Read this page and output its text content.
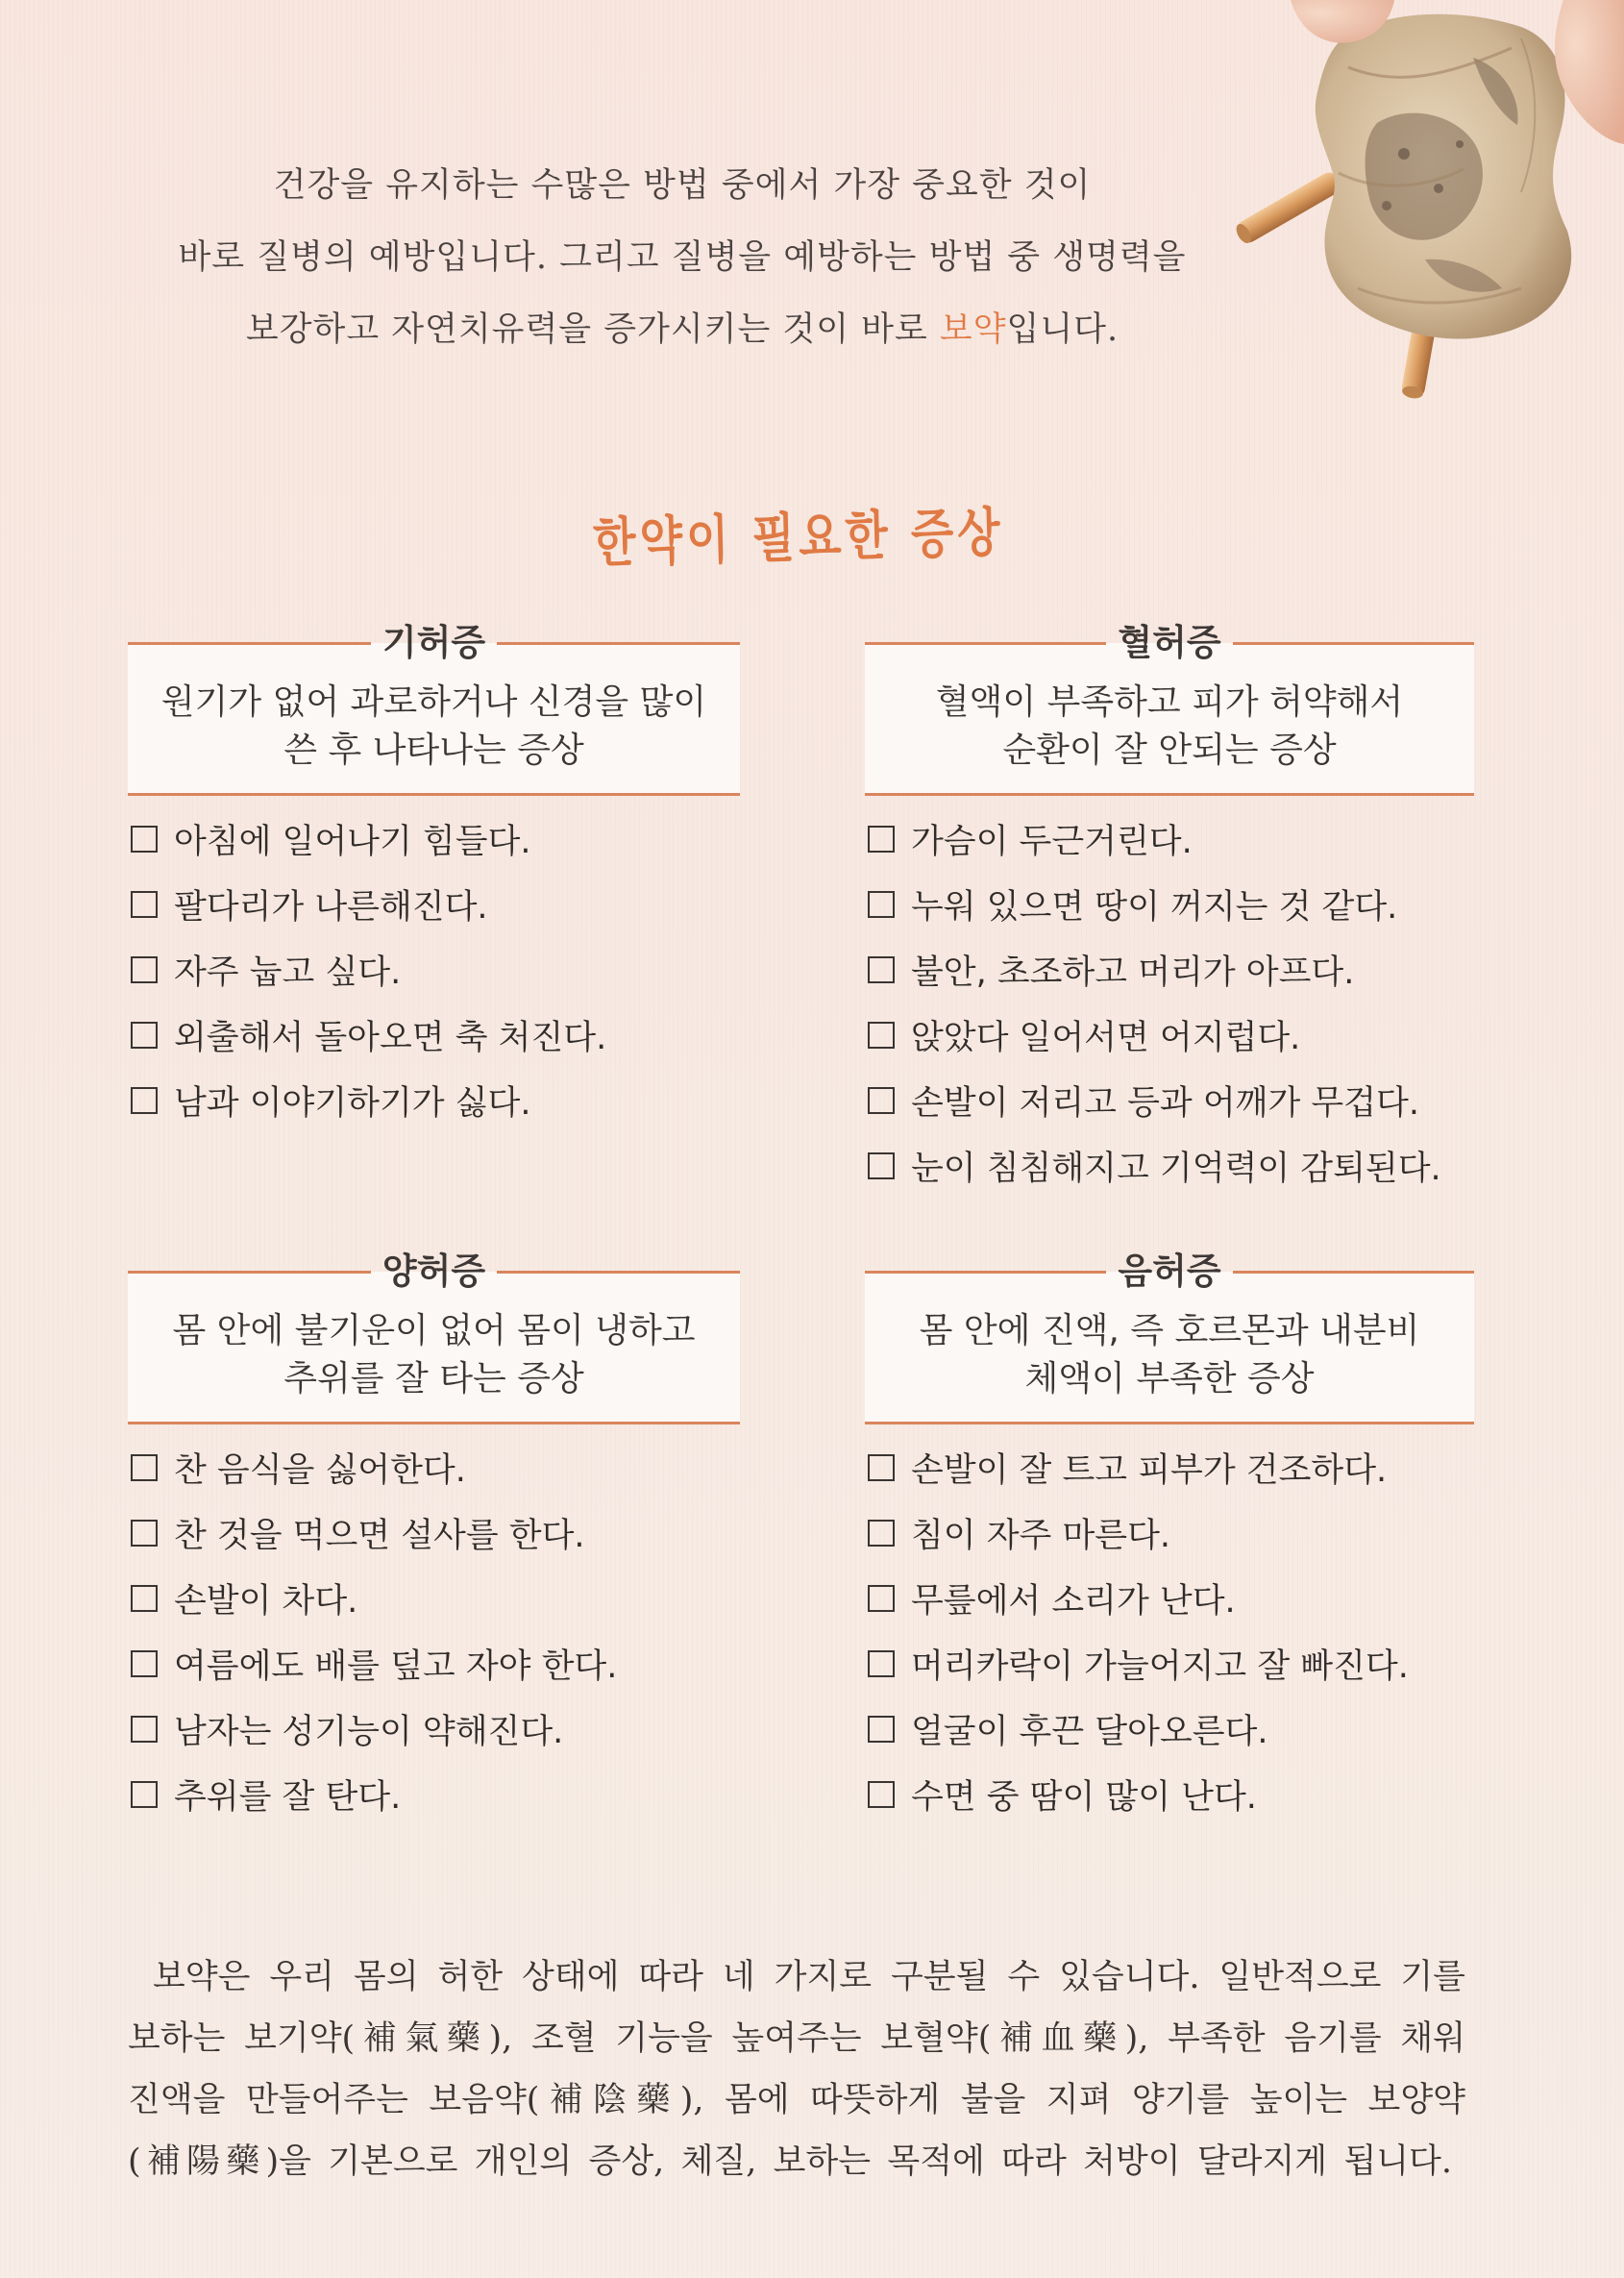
건강을 유지하는 수많은 방법 중에서 가장 중요한 것이
바로 질병의 예방입니다. 그리고 질병을 예방하는 방법 중 생명력을
보강하고 자연치유력을 증가시키는 것이 바로 보약입니다.
한약이 필요한 증상
기허증
원기가 없어 과로하거나 신경을 많이
쓴 후 나타나는 증상
아침에 일어나기 힘들다.
팔다리가 나른해진다.
자주 눕고 싶다.
외출해서 돌아오면 축 처진다.
남과 이야기하기가 싫다.
혈허증
혈액이 부족하고 피가 허약해서
순환이 잘 안되는 증상
가슴이 두근거린다.
누워 있으면 땅이 꺼지는 것 같다.
불안, 초조하고 머리가 아프다.
앉았다 일어서면 어지럽다.
손발이 저리고 등과 어깨가 무겁다.
눈이 침침해지고 기억력이 감퇴된다.
양허증
몸 안에 불기운이 없어 몸이 냉하고
추위를 잘 타는 증상
찬 음식을 싫어한다.
찬 것을 먹으면 설사를 한다.
손발이 차다.
여름에도 배를 덮고 자야 한다.
남자는 성기능이 약해진다.
추위를 잘 탄다.
음허증
몸 안에 진액, 즉 호르몬과 내분비
체액이 부족한 증상
손발이 잘 트고 피부가 건조하다.
침이 자주 마른다.
무릎에서 소리가 난다.
머리카락이 가늘어지고 잘 빠진다.
얼굴이 후끈 달아오른다.
수면 중 땀이 많이 난다.
보약은 우리 몸의 허한 상태에 따라 네 가지로 구분될 수 있습니다. 일반적으로 기를
보하는 보기약(補氣藥), 조혈 기능을 높여주는 보혈약(補血藥), 부족한 음기를 채워
진액을 만들어주는 보음약(補陰藥), 몸에 따뜻하게 불을 지펴 양기를 높이는 보양약
(補陽藥)을 기본으로 개인의 증상, 체질, 보하는 목적에 따라 처방이 달라지게 됩니다.
